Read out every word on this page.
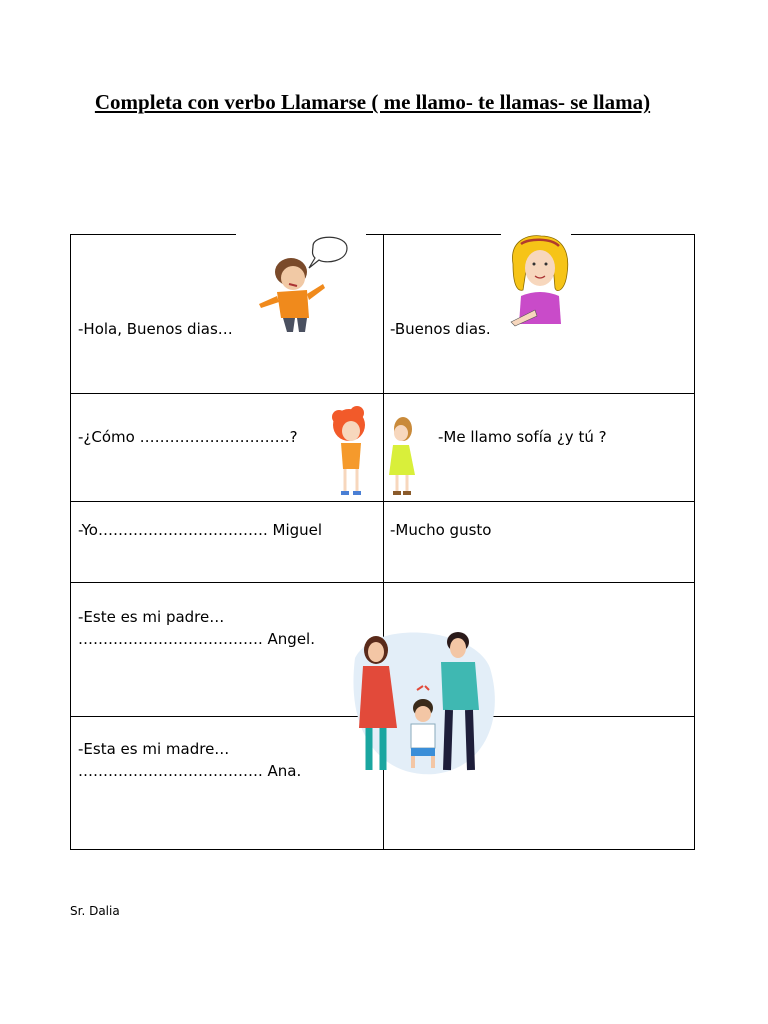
Completa con verbo Llamarse ( me llamo- te llamas- se llama)
-Hola, Buenos dias…	-Buenos dias.
-¿Cómo …………………………?	-Me llamo sofía ¿y tú ?
-Yo……………………………. Miguel	-Mucho gusto
-Este es mi padre…
………………………………. Angel.
-Esta es mi madre…
………………………………. Ana.
Sr. Dalia
